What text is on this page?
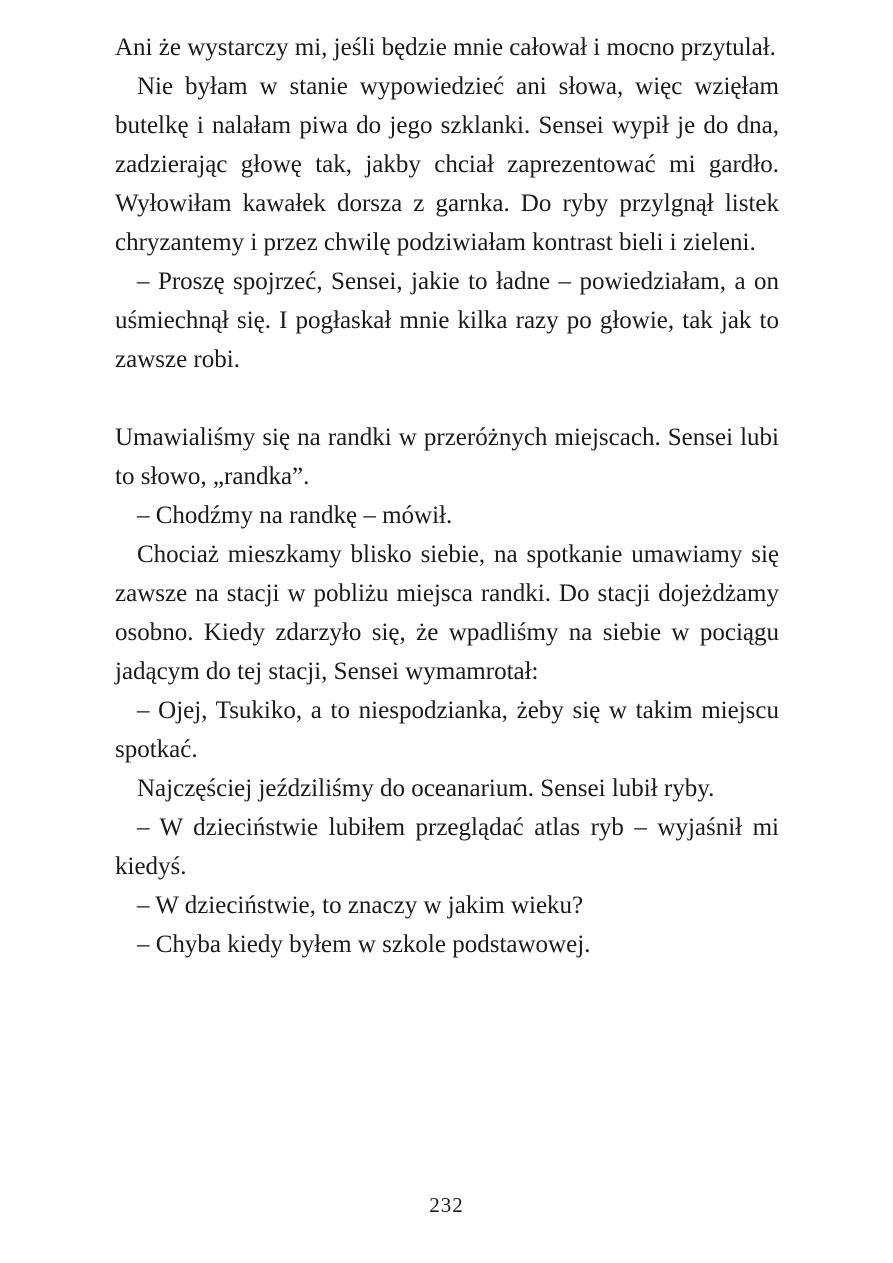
Ani że wystarczy mi, jeśli będzie mnie całował i mocno przytulał.

Nie byłam w stanie wypowiedzieć ani słowa, więc wzięłam butelkę i nalałam piwa do jego szklanki. Sensei wypił je do dna, zadzierając głowę tak, jakby chciał zaprezentować mi gardło. Wyłowiłam kawałek dorsza z garnka. Do ryby przylgnął listek chryzantemy i przez chwilę podziwiałam kontrast bieli i zieleni.

– Proszę spojrzeć, Sensei, jakie to ładne – powiedziałam, a on uśmiechnął się. I pogłaskał mnie kilka razy po głowie, tak jak to zawsze robi.

Umawialiśmy się na randki w przeróżnych miejscach. Sensei lubi to słowo, „randka”.

– Chodźmy na randkę – mówił.

Chociaż mieszkamy blisko siebie, na spotkanie umawiamy się zawsze na stacji w pobliżu miejsca randki. Do stacji dojeżdżamy osobno. Kiedy zdarzyło się, że wpadliśmy na siebie w pociągu jadącym do tej stacji, Sensei wymamrotał:

– Ojej, Tsukiko, a to niespodzianka, żeby się w takim miejscu spotkać.

Najczęściej jeździliśmy do oceanarium. Sensei lubił ryby.

– W dzieciństwie lubiłem przeglądać atlas ryb – wyjaśnił mi kiedyś.

– W dzieciństwie, to znaczy w jakim wieku?

– Chyba kiedy byłem w szkole podstawowej.

232
